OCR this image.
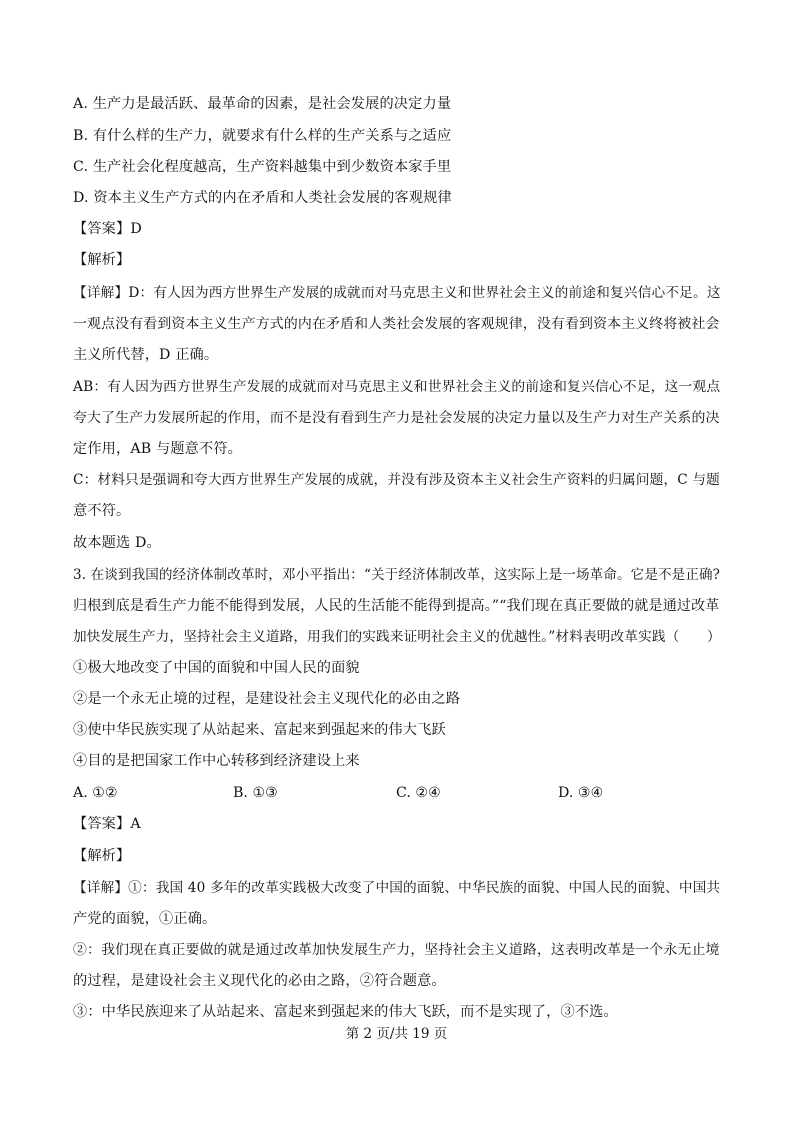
A. 生产力是最活跃、最革命的因素，是社会发展的决定力量
B. 有什么样的生产力，就要求有什么样的生产关系与之适应
C. 生产社会化程度越高，生产资料越集中到少数资本家手里
D. 资本主义生产方式的内在矛盾和人类社会发展的客观规律
【答案】D
【解析】
【详解】D：有人因为西方世界生产发展的成就而对马克思主义和世界社会主义的前途和复兴信心不足。这
一观点没有看到资本主义生产方式的内在矛盾和人类社会发展的客观规律，没有看到资本主义终将被社会
主义所代替，D 正确。
AB：有人因为西方世界生产发展的成就而对马克思主义和世界社会主义的前途和复兴信心不足，这一观点
夸大了生产力发展所起的作用，而不是没有看到生产力是社会发展的决定力量以及生产力对生产关系的决
定作用，AB 与题意不符。
C：材料只是强调和夸大西方世界生产发展的成就，并没有涉及资本主义社会生产资料的归属问题，C 与题
意不符。
故本题选 D。
3. 在谈到我国的经济体制改革时，邓小平指出：“关于经济体制改革，这实际上是一场革命。它是不是正确?
归根到底是看生产力能不能得到发展，人民的生活能不能得到提高。”“我们现在真正要做的就是通过改革
加快发展生产力，坚持社会主义道路，用我们的实践来证明社会主义的优越性。”材料表明改革实践（　　）
①极大地改变了中国的面貌和中国人民的面貌
②是一个永无止境的过程，是建设社会主义现代化的必由之路
③使中华民族实现了从站起来、富起来到强起来的伟大飞跃
④目的是把国家工作中心转移到经济建设上来
A. ①②	B. ①③	C. ②④	D. ③④
【答案】A
【解析】
【详解】①：我国 40 多年的改革实践极大改变了中国的面貌、中华民族的面貌、中国人民的面貌、中国共
产党的面貌，①正确。
②：我们现在真正要做的就是通过改革加快发展生产力，坚持社会主义道路，这表明改革是一个永无止境
的过程，是建设社会主义现代化的必由之路，②符合题意。
③：中华民族迎来了从站起来、富起来到强起来的伟大飞跃，而不是实现了，③不选。
第 2 页/共 19 页
